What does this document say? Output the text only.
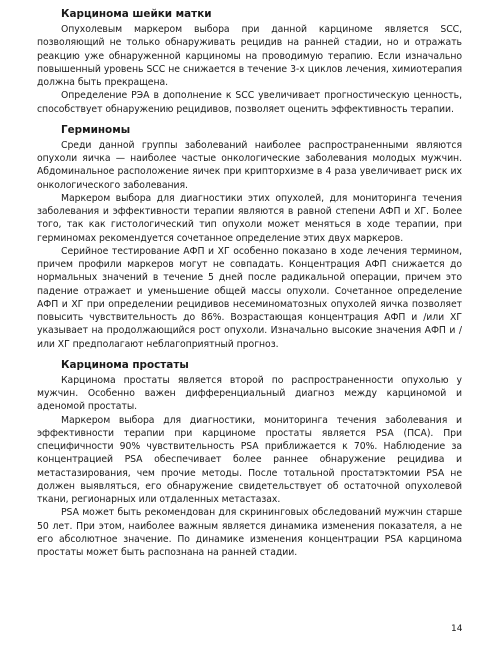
Карцинома шейки матки

Опухолевым маркером выбора при данной карциноме является SCC, позволяющий не только обнаруживать рецидив на ранней стадии, но и отражать реакцию уже обнаруженной карциномы на проводимую терапию. Если изначально повышенный уровень SCC не снижается в течение 3-х циклов лечения, химиотерапия должна быть прекращена.

Определение РЭА в дополнение к SCC увеличивает прогностическую ценность, способствует обнаружению рецидивов, позволяет оценить эффективность терапии.

Герминомы

Среди данной группы заболеваний наиболее распространенными являются опухоли яичка — наиболее частые онкологические заболевания молодых мужчин. Абдоминальное расположение яичек при крипторхизме в 4 раза увеличивает риск их онкологического заболевания.

Маркером выбора для диагностики этих опухолей, для мониторинга течения заболевания и эффективности терапии являются в равной степени АФП и ХГ. Более того, так как гистологический тип опухоли может меняться в ходе терапии, при герминомах рекомендуется сочетанное определение этих двух маркеров.

Серийное тестирование АФП и ХГ особенно показано в ходе лечения термином, причем профили маркеров могут не совпадать. Концентрация АФП снижается до нормальных значений в течение 5 дней после радикальной операции, причем это падение отражает и уменьшение общей массы опухоли. Сочетанное определение АФП и ХГ при определении рецидивов несеминоматозных опухолей яичка позволяет повысить чувствительность до 86%. Возрастающая концентрация АФП и /или ХГ указывает на продолжающийся рост опухоли. Изначально высокие значения АФП и /или ХГ предполагают неблагоприятный прогноз.

Карцинома простаты

Карцинома простаты является второй по распространенности опухолью у мужчин. Особенно важен дифференциальный диагноз между карциномой и аденомой простаты.

Маркером выбора для диагностики, мониторинга течения заболевания и эффективности терапии при карциноме простаты является PSA (ПСА). При специфичности 90% чувствительность PSA приближается к 70%. Наблюдение за концентрацией PSA обеспечивает более раннее обнаружение рецидива и метастазирования, чем прочие методы. После тотальной простатэктомии PSA не должен выявляться, его обнаружение свидетельствует об остаточной опухолевой ткани, регионарных или отдаленных метастазах.

PSA может быть рекомендован для скрининговых обследований мужчин старше 50 лет. При этом, наиболее важным является динамика изменения показателя, а не его абсолютное значение. По динамике изменения концентрации PSA карцинома простаты может быть распознана на ранней стадии.

14
